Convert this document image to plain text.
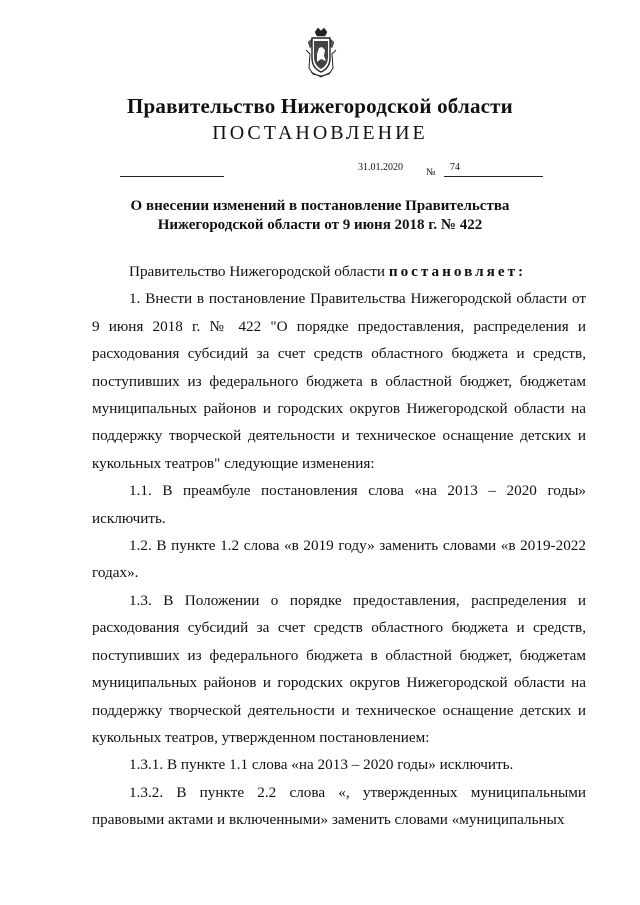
Правительство Нижегородской области
ПОСТАНОВЛЕНИЕ
31.01.2020 № 74
О внесении изменений в постановление Правительства
Нижегородской области от 9 июня 2018 г. № 422

Правительство Нижегородской области постановляет:

1. Внести в постановление Правительства Нижегородской области от 9 июня 2018 г. № 422 "О порядке предоставления, распределения и расходования субсидий за счет средств областного бюджета и средств, поступивших из федерального бюджета в областной бюджет, бюджетам муниципальных районов и городских округов Нижегородской области на поддержку творческой деятельности и техническое оснащение детских и кукольных театров" следующие изменения:

1.1. В преамбуле постановления слова «на 2013 – 2020 годы» исключить.

1.2. В пункте 1.2 слова «в 2019 году» заменить словами «в 2019-2022 годах».

1.3. В Положении о порядке предоставления, распределения и расходования субсидий за счет средств областного бюджета и средств, поступивших из федерального бюджета в областной бюджет, бюджетам муниципальных районов и городских округов Нижегородской области на поддержку творческой деятельности и техническое оснащение детских и кукольных театров, утвержденном постановлением:

1.3.1. В пункте 1.1 слова «на 2013 – 2020 годы» исключить.

1.3.2. В пункте 2.2 слова «, утвержденных муниципальными правовыми актами и включенными» заменить словами «муниципальных
